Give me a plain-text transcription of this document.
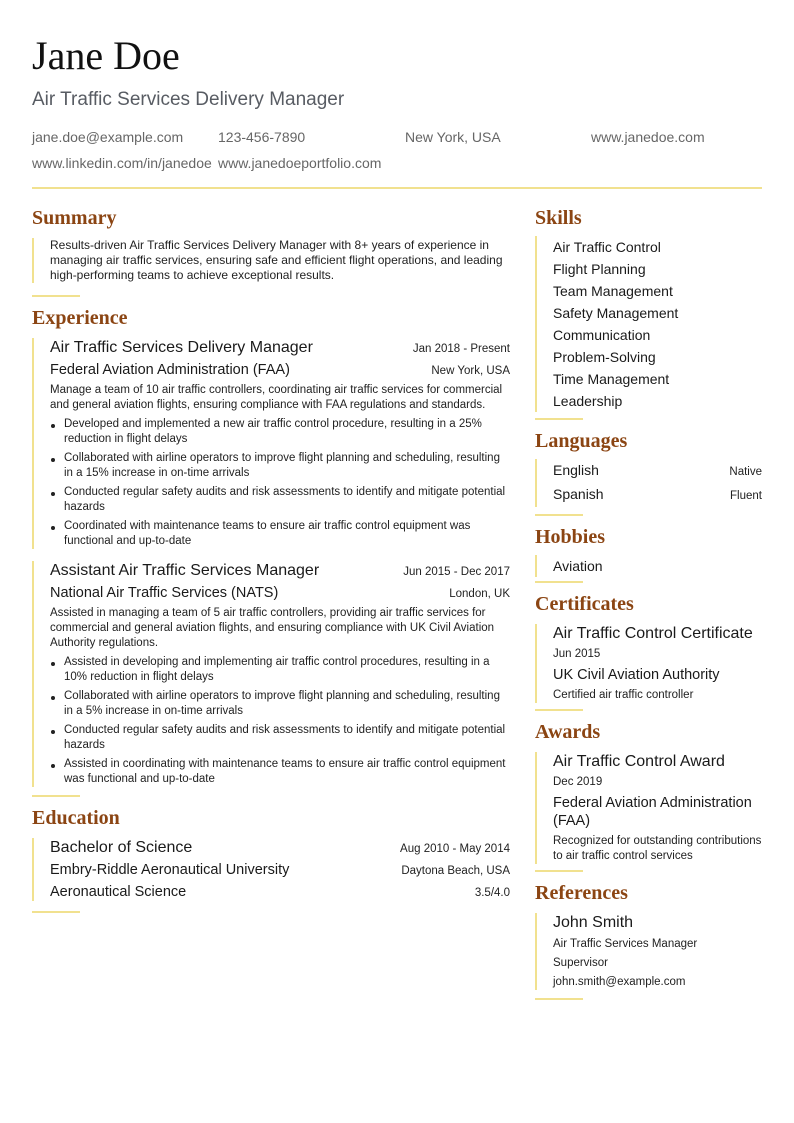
Jane Doe
Air Traffic Services Delivery Manager
jane.doe@example.com 123-456-7890	New York, USA	www.janedoe.com
www.linkedin.com/in/janedoe www.janedoeportfolio.com
Summary
Results-driven Air Traffic Services Delivery Manager with 8+ years of experience in managing air traffic services, ensuring safe and efficient flight operations, and leading high-performing teams to achieve exceptional results.
Experience
Air Traffic Services Delivery Manager	Jan 2018 - Present
Federal Aviation Administration (FAA)	New York, USA
Manage a team of 10 air traffic controllers, coordinating air traffic services for commercial and general aviation flights, ensuring compliance with FAA regulations and standards.
Developed and implemented a new air traffic control procedure, resulting in a 25% reduction in flight delays
Collaborated with airline operators to improve flight planning and scheduling, resulting in a 15% increase in on-time arrivals
Conducted regular safety audits and risk assessments to identify and mitigate potential hazards
Coordinated with maintenance teams to ensure air traffic control equipment was functional and up-to-date
Assistant Air Traffic Services Manager	Jun 2015 - Dec 2017
National Air Traffic Services (NATS)	London, UK
Assisted in managing a team of 5 air traffic controllers, providing air traffic services for commercial and general aviation flights, and ensuring compliance with UK Civil Aviation Authority regulations.
Assisted in developing and implementing air traffic control procedures, resulting in a 10% reduction in flight delays
Collaborated with airline operators to improve flight planning and scheduling, resulting in a 5% increase in on-time arrivals
Conducted regular safety audits and risk assessments to identify and mitigate potential hazards
Assisted in coordinating with maintenance teams to ensure air traffic control equipment was functional and up-to-date
Education
Bachelor of Science	Aug 2010 - May 2014
Embry-Riddle Aeronautical University	Daytona Beach, USA
Aeronautical Science	3.5/4.0
Skills
Air Traffic Control
Flight Planning
Team Management
Safety Management
Communication
Problem-Solving
Time Management
Leadership
Languages
English	Native
Spanish	Fluent
Hobbies
Aviation
Certificates
Air Traffic Control Certificate
Jun 2015
UK Civil Aviation Authority
Certified air traffic controller
Awards
Air Traffic Control Award
Dec 2019
Federal Aviation Administration (FAA)
Recognized for outstanding contributions to air traffic control services
References
John Smith
Air Traffic Services Manager
Supervisor
john.smith@example.com
